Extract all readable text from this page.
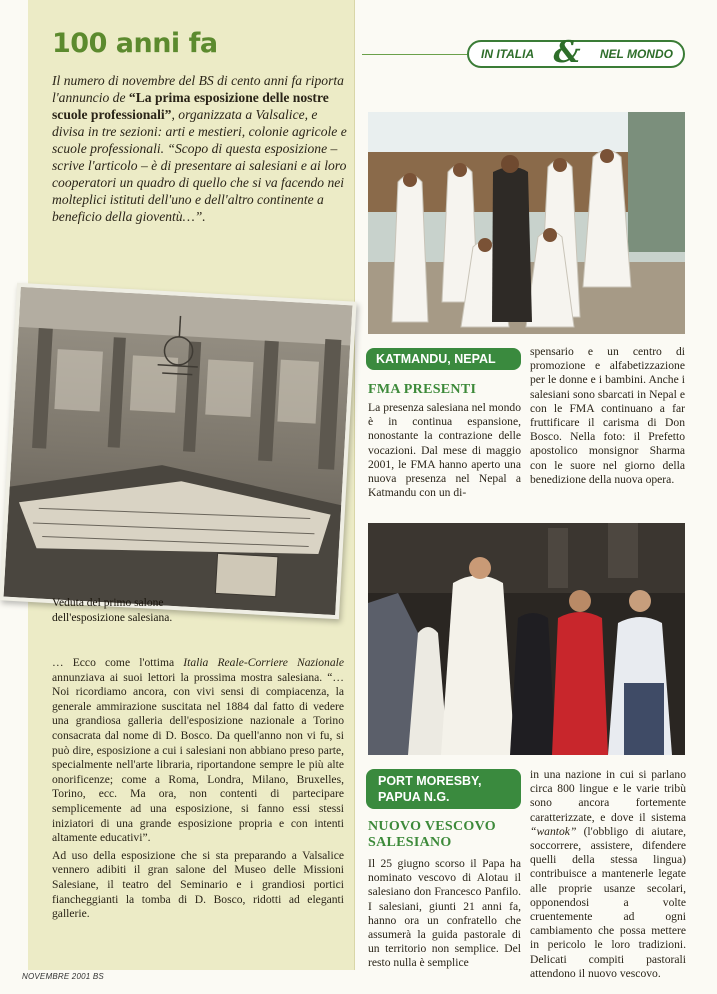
100 anni fa
Il numero di novembre del BS di cento anni fa riporta l'annuncio de “La prima esposizione delle nostre scuole professionali”, organizzata a Valsalice, e divisa in tre sezioni: arti e mestieri, colonie agricole e scuole professionali. “Scopo di questa esposizione – scrive l'articolo – è di presentare ai salesiani e ai loro cooperatori un quadro di quello che si va facendo nei molteplici istituti dell'uno e dell'altro continente a beneficio della gioventù…”.
Veduta del primo salone
dell'esposizione salesiana.

… Ecco come l'ottima Italia Reale-Corriere Nazionale annunziava ai suoi lettori la prossima mostra salesiana. “… Noi ricordiamo ancora, con vivi sensi di compiacenza, la generale ammirazione suscitata nel 1884 dal fatto di vedere una grandiosa galleria dell'esposizione nazionale a Torino consacrata dal nome di D. Bosco. Da quell'anno non vi fu, si può dire, esposizione a cui i salesiani non abbiano preso parte, specialmente nell'arte libraria, riportandone sempre le più alte onorificenze; come a Roma, Londra, Milano, Bruxelles, Torino, ecc. Ma ora, non contenti di partecipare semplicemente ad una esposizione, si fanno essi stessi iniziatori di una grande esposizione propria e con intenti altamente educativi”.

Ad uso della esposizione che si sta preparando a Valsalice vennero adibiti il gran salone del Museo delle Missioni Salesiane, il teatro del Seminario e i grandiosi portici fiancheggianti la tomba di D. Bosco, ridotti ad eleganti gallerie.

NOVEMBRE 2001 BS
IN ITALIA & NEL MONDO
KATMANDU, NEPAL
FMA PRESENTI
La presenza salesiana nel mondo è in continua espansione, nonostante la contrazione delle vocazioni. Dal mese di maggio 2001, le FMA hanno aperto una nuova presenza nel Nepal a Katmandu con un di-
spensario e un centro di promozione e alfabetizzazione per le donne e i bambini. Anche i salesiani sono sbarcati in Nepal e con le FMA continuano a far fruttificare il carisma di Don Bosco. Nella foto: il Prefetto apostolico monsignor Sharma con le suore nel giorno della benedizione della nuova opera.
PORT MORESBY,
PAPUA N.G.
NUOVO VESCOVO
SALESIANO
Il 25 giugno scorso il Papa ha nominato vescovo di Alotau il salesiano don Francesco Panfilo. I salesiani, giunti 21 anni fa, hanno ora un confratello che assumerà la guida pastorale di un territorio non semplice. Del resto nulla è semplice
in una nazione in cui si parlano circa 800 lingue e le varie tribù sono ancora fortemente caratterizzate, e dove il sistema “wantok” (l'obbligo di aiutare, soccorrere, assistere, difendere quelli della stessa lingua) contribuisce a mantenerle legate alle proprie usanze secolari, opponendosi a volte cruentemente ad ogni cambiamento che possa mettere in pericolo le loro tradizioni. Delicati compiti pastorali attendono il nuovo vescovo.
